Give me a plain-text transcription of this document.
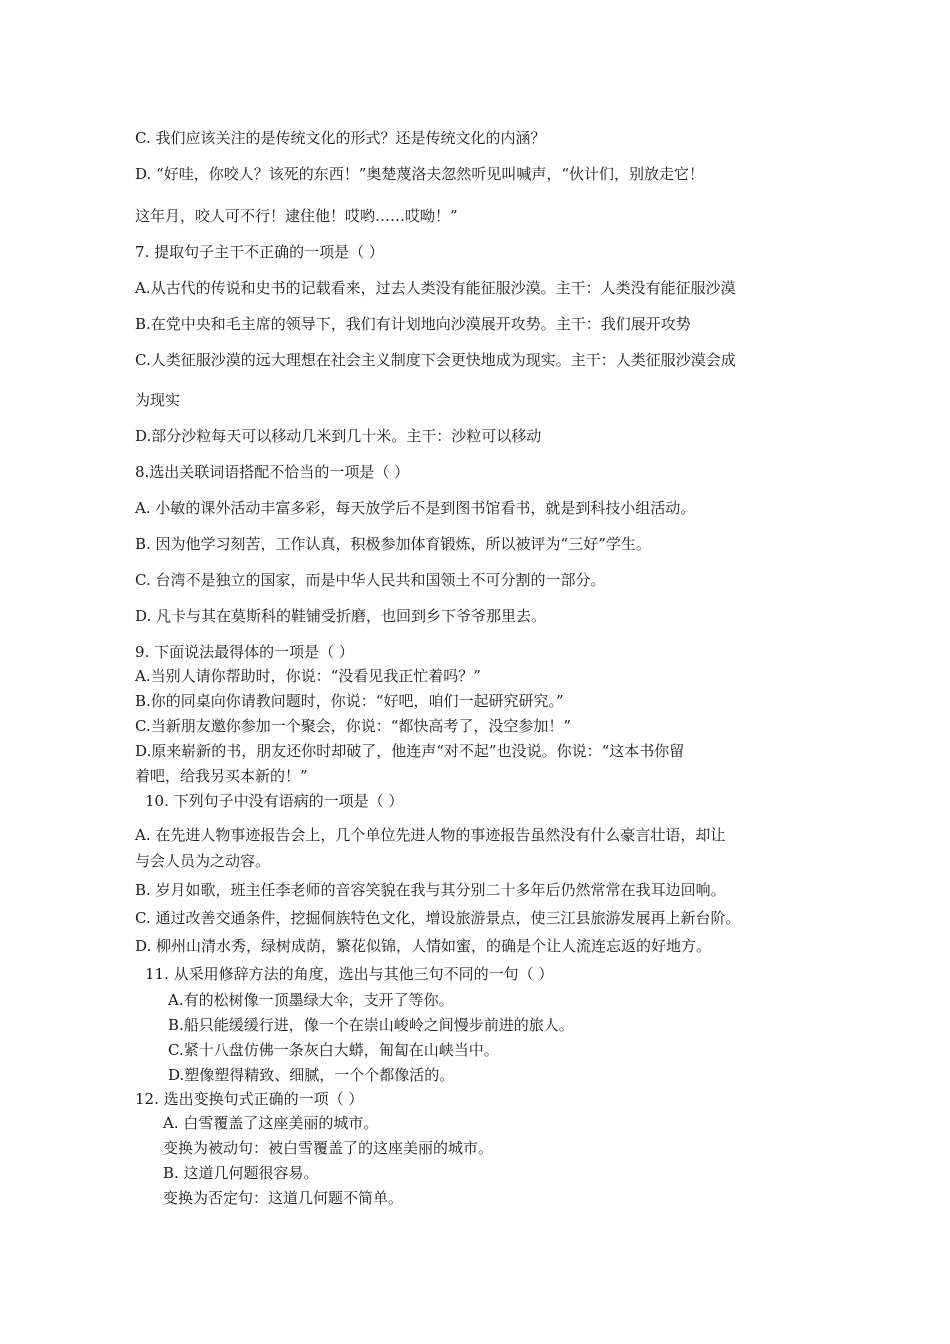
C. 我们应该关注的是传统文化的形式？还是传统文化的内涵？
D. “好哇，你咬人？该死的东西！”奥楚蔑洛夫忽然听见叫喊声，“伙计们，别放走它！
这年月，咬人可不行！逮住他！哎哟……哎呦！”
7. 提取句子主干不正确的一项是（ ）
A.从古代的传说和史书的记载看来，过去人类没有能征服沙漠。主干：人类没有能征服沙漠
B.在党中央和毛主席的领导下，我们有计划地向沙漠展开攻势。主干：我们展开攻势
C.人类征服沙漠的远大理想在社会主义制度下会更快地成为现实。主干：人类征服沙漠会成
为现实
D.部分沙粒每天可以移动几米到几十米。主干：沙粒可以移动
8.选出关联词语搭配不恰当的一项是（ ）
A. 小敏的课外活动丰富多彩，每天放学后不是到图书馆看书，就是到科技小组活动。
B. 因为他学习刻苦，工作认真，积极参加体育锻炼，所以被评为“三好”学生。
C. 台湾不是独立的国家，而是中华人民共和国领土不可分割的一部分。
D. 凡卡与其在莫斯科的鞋铺受折磨，也回到乡下爷爷那里去。
9. 下面说法最得体的一项是（ ）
A.当别人请你帮助时，你说：“没看见我正忙着吗？”
B.你的同桌向你请教问题时，你说：“好吧，咱们一起研究研究。”
C.当新朋友邀你参加一个聚会，你说：“都快高考了，没空参加！”
D.原来崭新的书，朋友还你时却破了，他连声“对不起”也没说。你说：“这本书你留
着吧，给我另买本新的！”
10. 下列句子中没有语病的一项是（ ）
A. 在先进人物事迹报告会上，几个单位先进人物的事迹报告虽然没有什么豪言壮语，却让
与会人员为之动容。
B. 岁月如歌，班主任李老师的音容笑貌在我与其分别二十多年后仍然常常在我耳边回响。
C. 通过改善交通条件，挖掘侗族特色文化，增设旅游景点，使三江县旅游发展再上新台阶。
D. 柳州山清水秀，绿树成荫，繁花似锦，人情如蜜，的确是个让人流连忘返的好地方。
11. 从采用修辞方法的角度，选出与其他三句不同的一句（ ）
A.有的松树像一顶墨绿大伞，支开了等你。
B.船只能缓缓行进，像一个在崇山峻岭之间慢步前进的旅人。
C.紧十八盘仿佛一条灰白大蟒，匍匐在山峡当中。
D.塑像塑得精致、细腻，一个个都像活的。
12. 选出变换句式正确的一项（ ）
A. 白雪覆盖了这座美丽的城市。
变换为被动句：被白雪覆盖了的这座美丽的城市。
B. 这道几何题很容易。
变换为否定句：这道几何题不简单。
